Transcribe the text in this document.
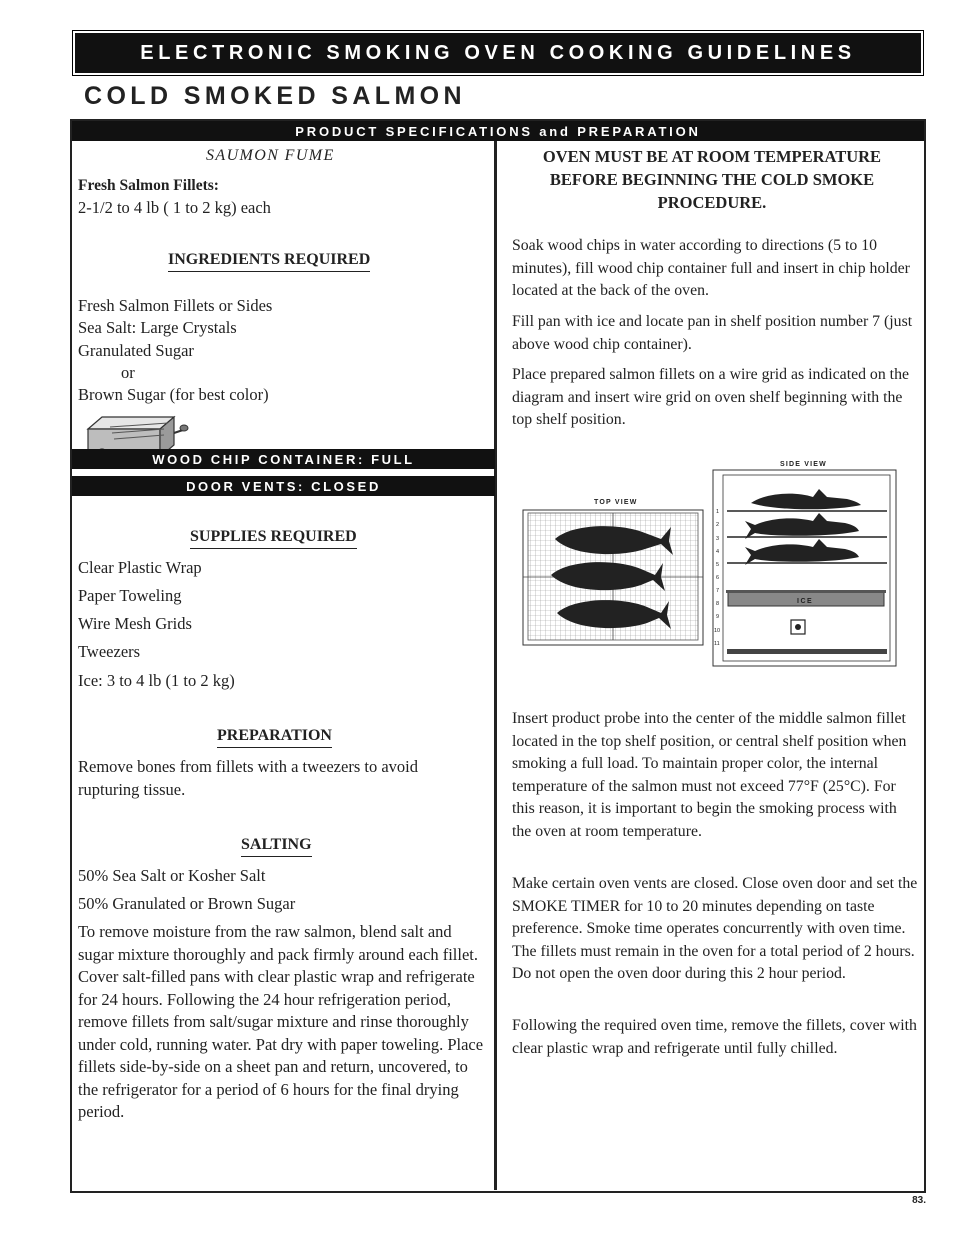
ELECTRONIC SMOKING OVEN COOKING GUIDELINES
COLD SMOKED SALMON
PRODUCT SPECIFICATIONS and PREPARATION
SAUMON FUME
Fresh Salmon Fillets:
2-1/2 to 4 lb ( 1 to 2 kg) each
INGREDIENTS REQUIRED
Fresh Salmon Fillets or Sides
Sea Salt: Large Crystals
Granulated Sugar
or
Brown Sugar (for best color)
WOOD CHIP CONTAINER: FULL
DOOR VENTS: CLOSED
SUPPLIES REQUIRED
Clear Plastic Wrap
Paper Toweling
Wire Mesh Grids
Tweezers
Ice: 3 to 4 lb (1 to 2 kg)
PREPARATION
Remove bones from fillets with a tweezers to avoid rupturing tissue.
SALTING
50% Sea Salt or Kosher Salt
50% Granulated or Brown Sugar
To remove moisture from the raw salmon, blend salt and sugar mixture thoroughly and pack firmly around each fillet. Cover salt-filled pans with clear plastic wrap and refrigerate for 24 hours. Following the 24 hour refrigeration period, remove fillets from salt/sugar mixture and rinse thoroughly under cold, running water. Pat dry with paper toweling. Place fillets side-by-side on a sheet pan and return, uncovered, to the refrigerator for a period of 6 hours for the final drying period.
OVEN MUST BE AT ROOM TEMPERATURE BEFORE BEGINNING THE COLD SMOKE PROCEDURE.
Soak wood chips in water according to directions (5 to 10 minutes), fill wood chip container full and insert in chip holder located at the back of the oven.
Fill pan with ice and locate pan in shelf position number 7 (just above wood chip container).
Place prepared salmon fillets on a wire grid as indicated on the diagram and insert wire grid on oven shelf beginning with the top shelf position.
TOP VIEW
SIDE VIEW
1
2
3
4
5
6
7
8
9
10
11
ICE
Insert product probe into the center of the middle salmon fillet located in the top shelf position, or central shelf position when smoking a full load. To maintain proper color, the internal temperature of the salmon must not exceed 77°F (25°C). For this reason, it is important to begin the smoking process with the oven at room temperature.
Make certain oven vents are closed. Close oven door and set the SMOKE TIMER for 10 to 20 minutes depending on taste preference. Smoke time operates concurrently with oven time. The fillets must remain in the oven for a total period of 2 hours. Do not open the oven door during this 2 hour period.
Following the required oven time, remove the fillets, cover with clear plastic wrap and refrigerate until fully chilled.
83.
